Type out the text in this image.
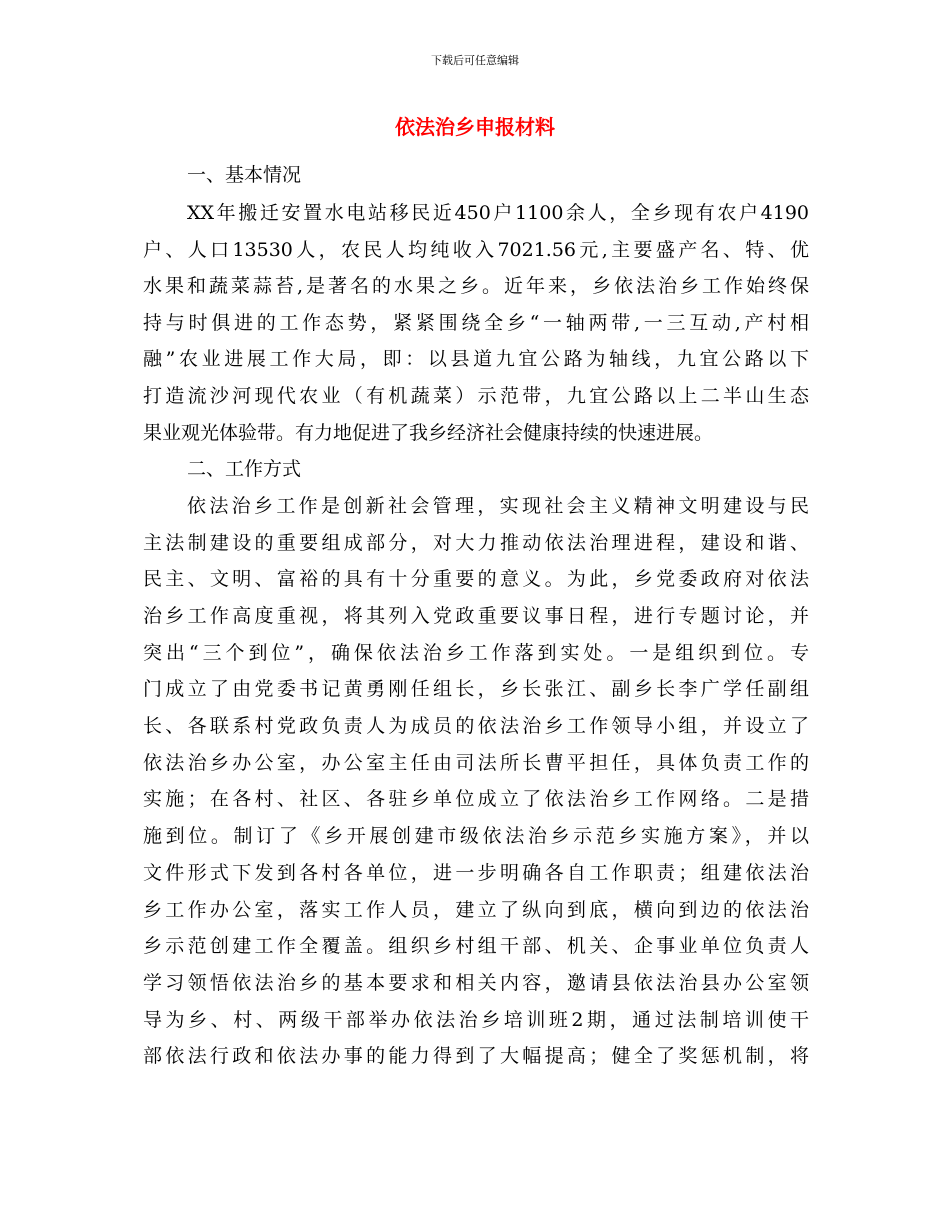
下载后可任意编辑
依法治乡申报材料
一、基本情况
XX年搬迁安置水电站移民近450户1100余人，全乡现有农户4190
户、人口13530人，农民人均纯收入7021.56元,主要盛产名、特、优
水果和蔬菜蒜苔,是著名的水果之乡。近年来，乡依法治乡工作始终保
持与时俱进的工作态势，紧紧围绕全乡“一轴两带,一三互动,产村相
融”农业进展工作大局，即：以县道九宜公路为轴线，九宜公路以下
打造流沙河现代农业（有机蔬菜）示范带，九宜公路以上二半山生态
果业观光体验带。有力地促进了我乡经济社会健康持续的快速进展。
二、工作方式
依法治乡工作是创新社会管理，实现社会主义精神文明建设与民
主法制建设的重要组成部分，对大力推动依法治理进程，建设和谐、
民主、文明、富裕的具有十分重要的意义。为此，乡党委政府对依法
治乡工作高度重视，将其列入党政重要议事日程，进行专题讨论，并
突出“三个到位”，确保依法治乡工作落到实处。一是组织到位。专
门成立了由党委书记黄勇刚任组长，乡长张江、副乡长李广学任副组
长、各联系村党政负责人为成员的依法治乡工作领导小组，并设立了
依法治乡办公室，办公室主任由司法所长曹平担任，具体负责工作的
实施；在各村、社区、各驻乡单位成立了依法治乡工作网络。二是措
施到位。制订了《乡开展创建市级依法治乡示范乡实施方案》，并以
文件形式下发到各村各单位，进一步明确各自工作职责；组建依法治
乡工作办公室，落实工作人员，建立了纵向到底，横向到边的依法治
乡示范创建工作全覆盖。组织乡村组干部、机关、企事业单位负责人
学习领悟依法治乡的基本要求和相关内容，邀请县依法治县办公室领
导为乡、村、两级干部举办依法治乡培训班2期，通过法制培训使干
部依法行政和依法办事的能力得到了大幅提高；健全了奖惩机制，将
